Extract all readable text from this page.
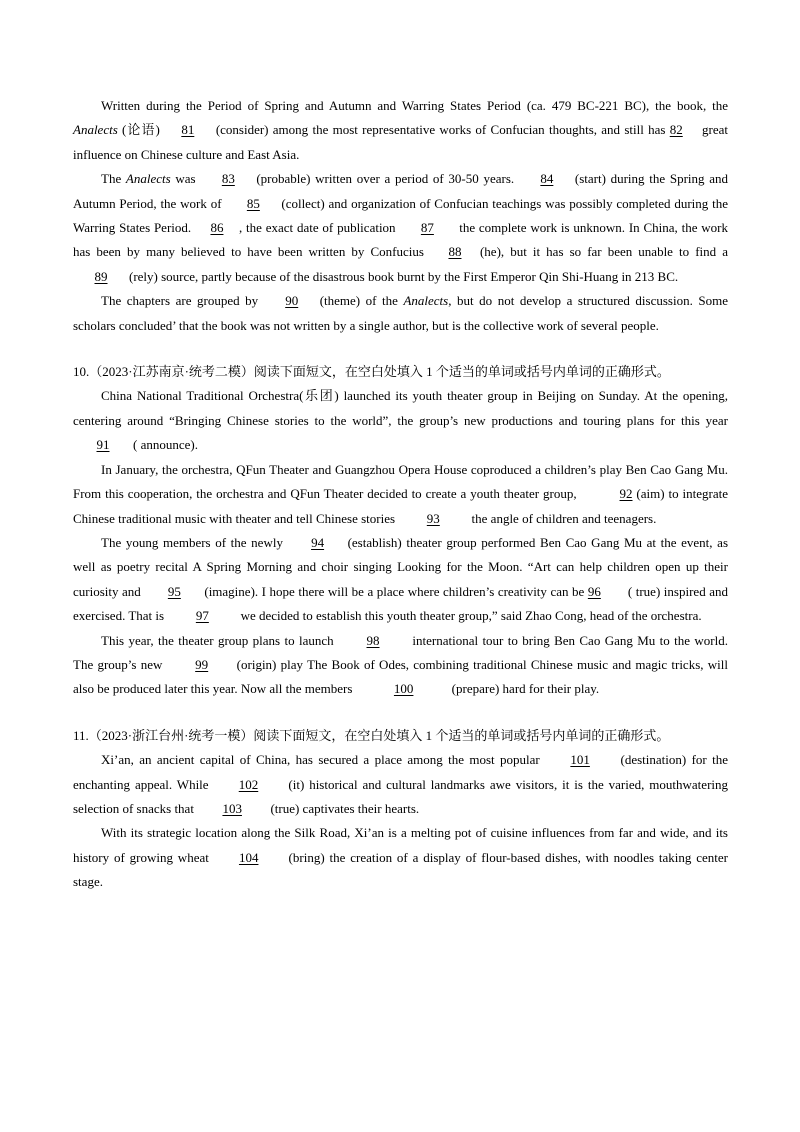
Written during the Period of Spring and Autumn and Warring States Period (ca. 479 BC-221 BC), the book, the Analects (论语) 81 (consider) among the most representative works of Confucian thoughts, and still has 82 great influence on Chinese culture and East Asia.

The Analects was 83 (probable) written over a period of 30-50 years. 84 (start) during the Spring and Autumn Period, the work of 85 (collect) and organization of Confucian teachings was possibly completed during the Warring States Period. 86 , the exact date of publication 87 the complete work is unknown. In China, the work has been by many believed to have been written by Confucius 88 (he), but it has so far been unable to find a 89 (rely) source, partly because of the disastrous book burnt by the First Emperor Qin Shi-Huang in 213 BC.

The chapters are grouped by 90 (theme) of the Analects, but do not develop a structured discussion. Some scholars concluded’ that the book was not written by a single author, but is the collective work of several people.

10.（2023·江苏南京·统考二模）阅读下面短文，在空白处填入 1 个适当的单词或括号内单词的正确形式。

China National Traditional Orchestra(乐团) launched its youth theater group in Beijing on Sunday. At the opening, centering around “Bringing Chinese stories to the world”, the group’s new productions and touring plans for this year 91 ( announce).

In January, the orchestra, QFun Theater and Guangzhou Opera House coproduced a children’s play Ben Cao Gang Mu. From this cooperation, the orchestra and QFun Theater decided to create a youth theater group,	92 (aim) to integrate Chinese traditional music with theater and tell Chinese stories 93 the angle of children and teenagers.

The young members of the newly 94 (establish) theater group performed Ben Cao Gang Mu at the event, as well as poetry recital A Spring Morning and choir singing Looking for the Moon. “Art can help children open up their curiosity and 95 (imagine). I hope there will be a place where children’s creativity can be 96 ( true) inspired and exercised. That is 97 we decided to establish this youth theater group,” said Zhao Cong, head of the orchestra.

This year, the theater group plans to launch 98 international tour to bring Ben Cao Gang Mu to the world. The group’s new 99 (origin) play The Book of Odes, combining traditional Chinese music and magic tricks, will also be produced later this year. Now all the members	100	(prepare) hard for their play.

11.（2023·浙江台州·统考一模）阅读下面短文，在空白处填入 1 个适当的单词或括号内单词的正确形式。

Xi’an, an ancient capital of China, has secured a place among the most popular 101 (destination) for the enchanting appeal. While 102 (it) historical and cultural landmarks awe visitors, it is the varied, mouthwatering selection of snacks that 103 (true) captivates their hearts.

With its strategic location along the Silk Road, Xi’an is a melting pot of cuisine influences from far and wide, and its history of growing wheat 104 (bring) the creation of a display of flour-based dishes, with noodles taking center stage.
